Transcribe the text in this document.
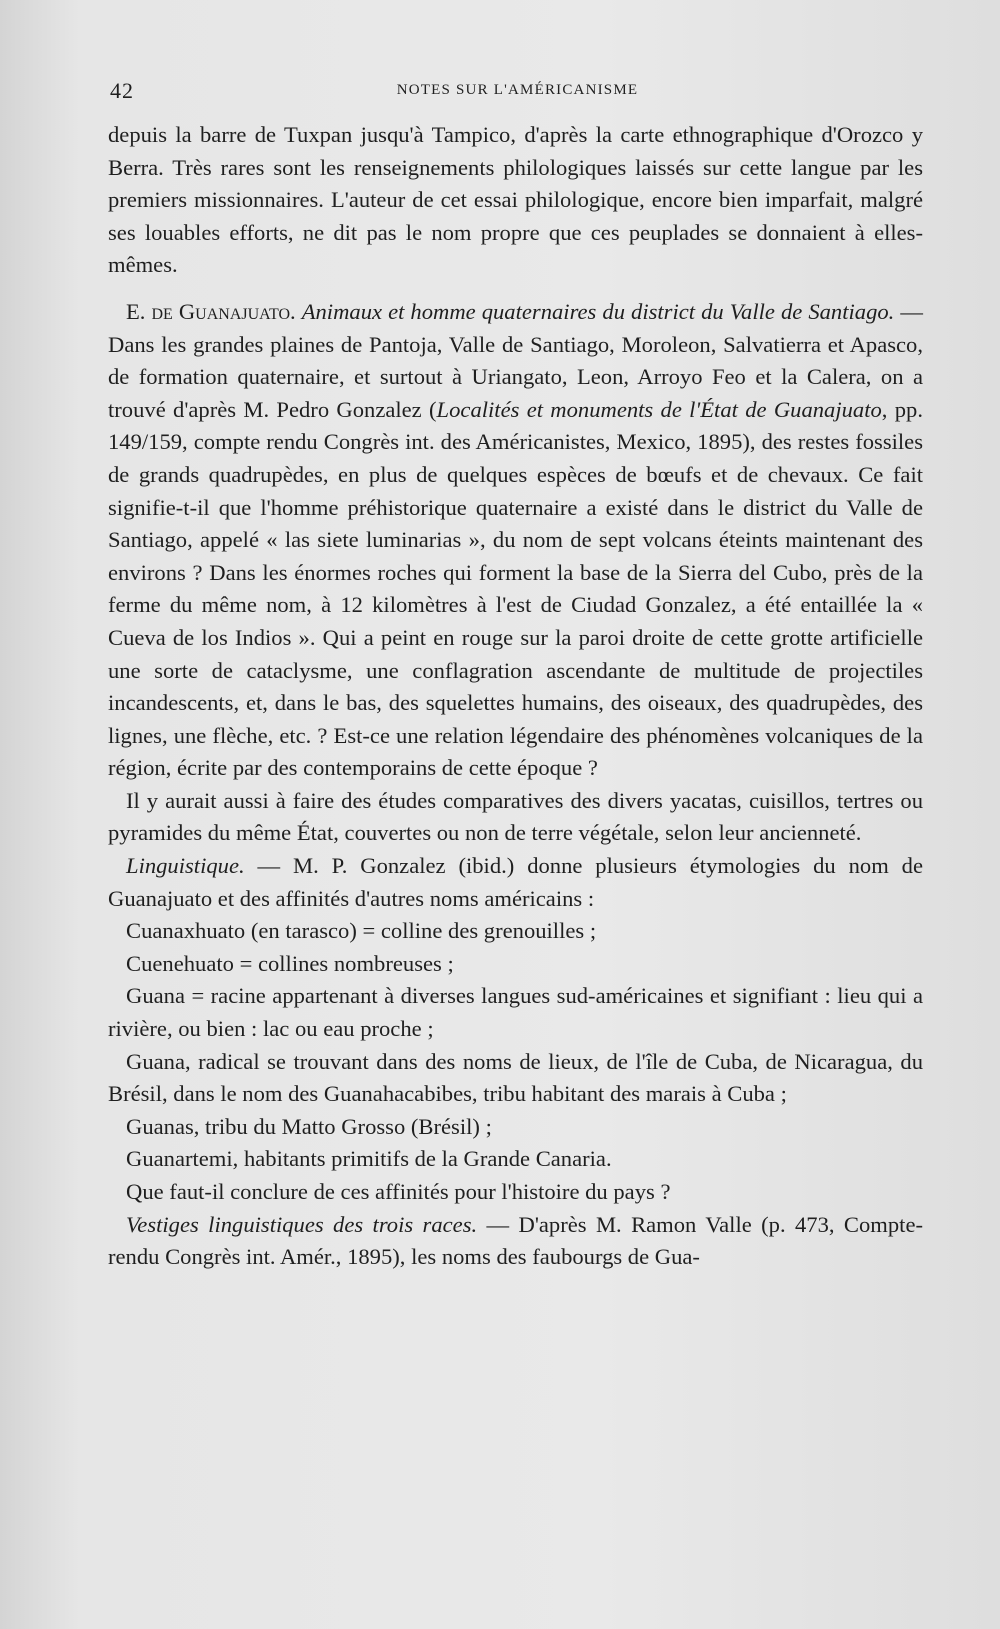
42	NOTES SUR L'AMÉRICANISME

depuis la barre de Tuxpan jusqu'à Tampico, d'après la carte ethnographique d'Orozco y Berra. Très rares sont les renseignements philologiques laissés sur cette langue par les premiers missionnaires. L'auteur de cet essai philologique, encore bien imparfait, malgré ses louables efforts, ne dit pas le nom propre que ces peuplades se donnaient à elles-mêmes.

E. de Guanajuato. Animaux et homme quaternaires du district du Valle de Santiago. — Dans les grandes plaines de Pantoja, Valle de Santiago, Moroleon, Salvatierra et Apasco, de formation quaternaire, et surtout à Uriangato, Leon, Arroyo Feo et la Calera, on a trouvé d'après M. Pedro Gonzalez (Localités et monuments de l'État de Guanajuato, pp. 149/159, compte rendu Congrès int. des Américanistes, Mexico, 1895), des restes fossiles de grands quadrupèdes, en plus de quelques espèces de bœufs et de chevaux. Ce fait signifie-t-il que l'homme préhistorique quaternaire a existé dans le district du Valle de Santiago, appelé « las siete luminarias », du nom de sept volcans éteints maintenant des environs ? Dans les énormes roches qui forment la base de la Sierra del Cubo, près de la ferme du même nom, à 12 kilomètres à l'est de Ciudad Gonzalez, a été entaillée la « Cueva de los Indios ». Qui a peint en rouge sur la paroi droite de cette grotte artificielle une sorte de cataclysme, une conflagration ascendante de multitude de projectiles incandescents, et, dans le bas, des squelettes humains, des oiseaux, des quadrupèdes, des lignes, une flèche, etc. ? Est-ce une relation légendaire des phénomènes volcaniques de la région, écrite par des contemporains de cette époque ?

Il y aurait aussi à faire des études comparatives des divers yacatas, cuisillos, tertres ou pyramides du même État, couvertes ou non de terre végétale, selon leur ancienneté.

Linguistique. — M. P. Gonzalez (ibid.) donne plusieurs étymologies du nom de Guanajuato et des affinités d'autres noms américains :

Cuanaxhuato (en tarasco) = colline des grenouilles ;

Cuenehuato = collines nombreuses ;

Guana = racine appartenant à diverses langues sud-américaines et signifiant : lieu qui a rivière, ou bien : lac ou eau proche ;

Guana, radical se trouvant dans des noms de lieux, de l'île de Cuba, de Nicaragua, du Brésil, dans le nom des Guanahacabibes, tribu habitant des marais à Cuba ;

Guanas, tribu du Matto Grosso (Brésil) ;

Guanartemi, habitants primitifs de la Grande Canaria.

Que faut-il conclure de ces affinités pour l'histoire du pays ?

Vestiges linguistiques des trois races. — D'après M. Ramon Valle (p. 473, Compte-rendu Congrès int. Amér., 1895), les noms des faubourgs de Gua-
